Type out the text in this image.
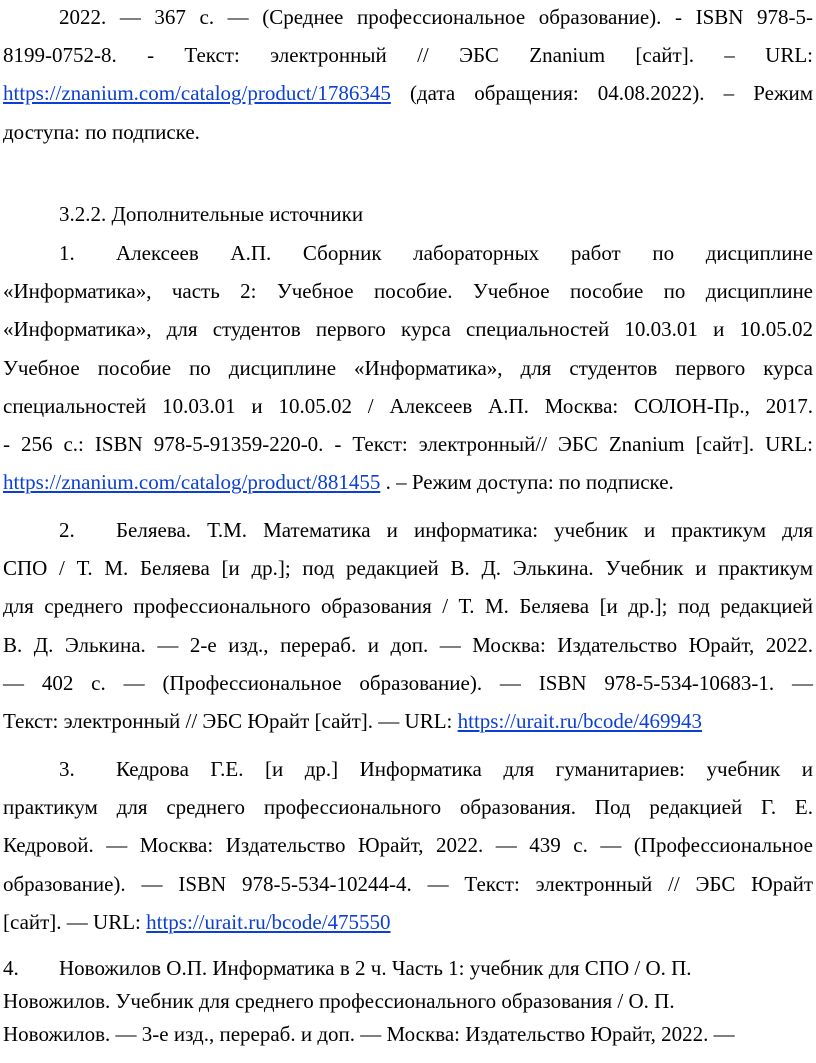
2022. — 367 с. — (Среднее профессиональное образование). - ISBN 978-5-
8199-0752-8. - Текст: электронный // ЭБС Znanium [сайт]. – URL:
https://znanium.com/catalog/product/1786345 (дата обращения: 04.08.2022). – Режим
доступа: по подписке.
3.2.2. Дополнительные источники
1. Алексеев А.П. Сборник лабораторных работ по дисциплине
«Информатика», часть 2: Учебное пособие. Учебное пособие по дисциплине
«Информатика», для студентов первого курса специальностей 10.03.01 и 10.05.02
Учебное пособие по дисциплине «Информатика», для студентов первого курса
специальностей 10.03.01 и 10.05.02 / Алексеев А.П. Москва: СОЛОН-Пр., 2017.
- 256 с.: ISBN 978-5-91359-220-0. - Текст: электронный// ЭБС Znanium [сайт]. URL:
https://znanium.com/catalog/product/881455 . – Режим доступа: по подписке.
2. Беляева. Т.М. Математика и информатика: учебник и практикум для
СПО / Т. М. Беляева [и др.]; под редакцией В. Д. Элькина. Учебник и практикум
для среднего профессионального образования / Т. М. Беляева [и др.]; под редакцией
В. Д. Элькина. — 2-е изд., перераб. и доп. — Москва: Издательство Юрайт, 2022.
— 402 с. — (Профессиональное образование). — ISBN 978-5-534-10683-1. —
Текст: электронный // ЭБС Юрайт [сайт]. — URL: https://urait.ru/bcode/469943
3. Кедрова Г.Е. [и др.] Информатика для гуманитариев: учебник и
практикум для среднего профессионального образования. Под редакцией Г. Е.
Кедровой. — Москва: Издательство Юрайт, 2022. — 439 с. — (Профессиональное
образование). — ISBN 978-5-534-10244-4. — Текст: электронный // ЭБС Юрайт
[сайт]. — URL: https://urait.ru/bcode/475550
4. Новожилов О.П. Информатика в 2 ч. Часть 1: учебник для СПО / О. П.
Новожилов. Учебник для среднего профессионального образования / О. П.
Новожилов. — 3-е изд., перераб. и доп. — Москва: Издательство Юрайт, 2022. —
